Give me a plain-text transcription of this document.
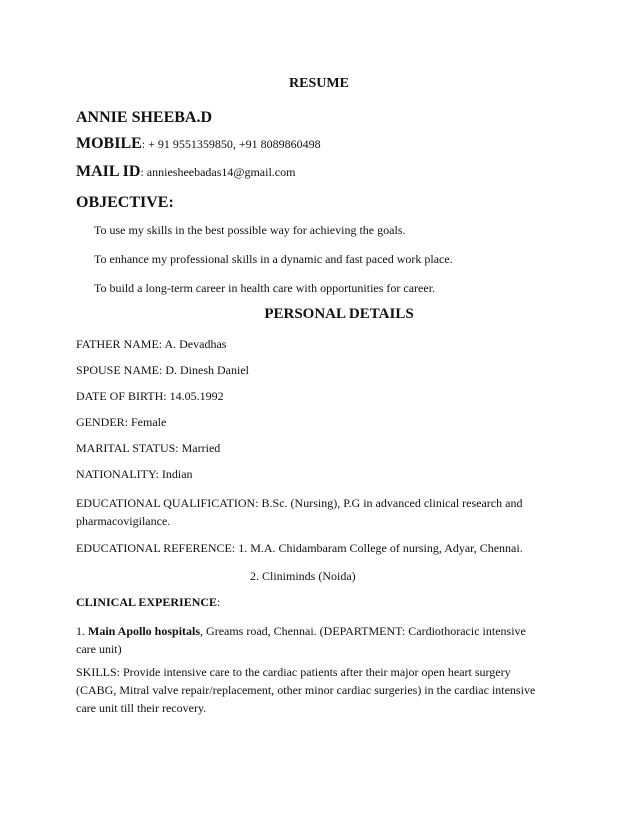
RESUME
ANNIE SHEEBA.D
MOBILE: + 91 9551359850, +91 8089860498
MAIL ID: anniesheebadas14@gmail.com
OBJECTIVE:
To use my skills in the best possible way for achieving the goals.
To enhance my professional skills in a dynamic and fast paced work place.
To build a long-term career in health care with opportunities for career.
PERSONAL DETAILS
FATHER NAME: A. Devadhas
SPOUSE NAME: D. Dinesh Daniel
DATE OF BIRTH: 14.05.1992
GENDER: Female
MARITAL STATUS: Married
NATIONALITY: Indian
EDUCATIONAL QUALIFICATION: B.Sc. (Nursing), P.G in advanced clinical research and
pharmacovigilance.
EDUCATIONAL REFERENCE: 1. M.A. Chidambaram College of nursing, Adyar, Chennai.
2. Cliniminds (Noida)
CLINICAL EXPERIENCE:
1. Main Apollo hospitals, Greams road, Chennai. (DEPARTMENT: Cardiothoracic intensive
care unit)
SKILLS: Provide intensive care to the cardiac patients after their major open heart surgery
(CABG, Mitral valve repair/replacement, other minor cardiac surgeries) in the cardiac intensive
care unit till their recovery.
